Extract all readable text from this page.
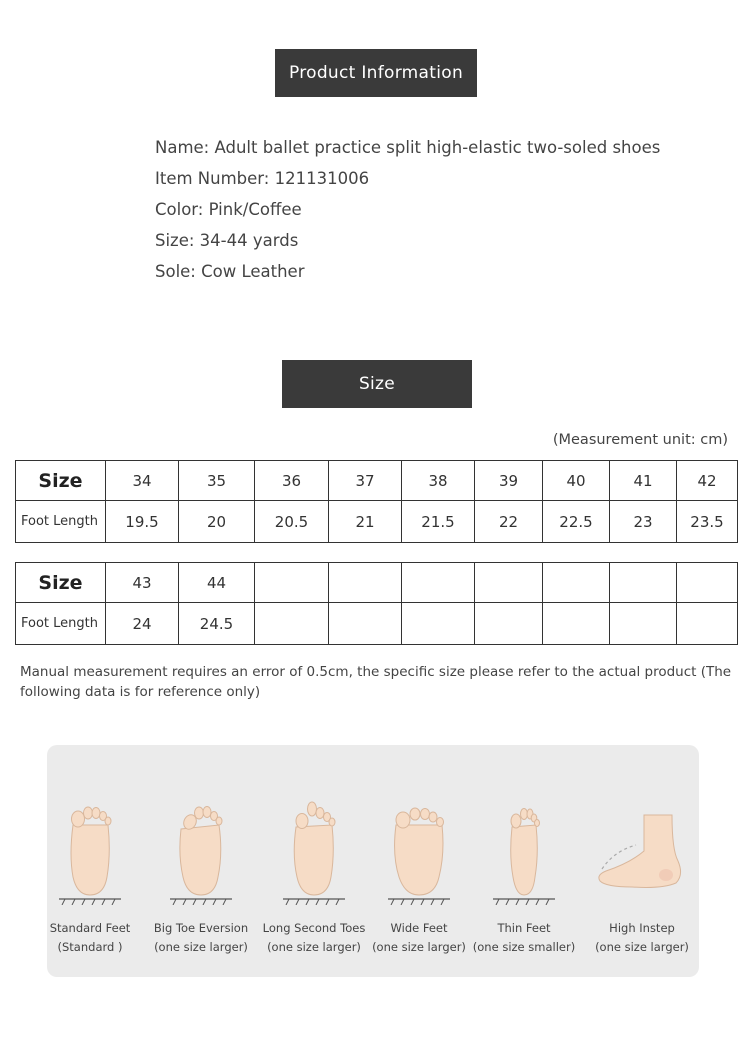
Product Information
Name: Adult ballet practice split high-elastic two-soled shoes
Item Number: 121131006
Color: Pink/Coffee
Size: 34-44 yards
Sole: Cow Leather
Size
(Measurement unit: cm)
Size	34	35	36	37	38	39	40	41	42
Foot Length	19.5	20	20.5	21	21.5	22	22.5	23	23.5
Size	43	44							
Foot Length	24	24.5							
Manual measurement requires an error of 0.5cm, the specific size please refer to the actual product (The following data is for reference only)
Standard Feet
(Standard )
Big Toe Eversion
(one size larger)
Long Second Toes
(one size larger)
Wide Feet
(one size larger)
Thin Feet
(one size smaller)
High Instep
(one size larger)
